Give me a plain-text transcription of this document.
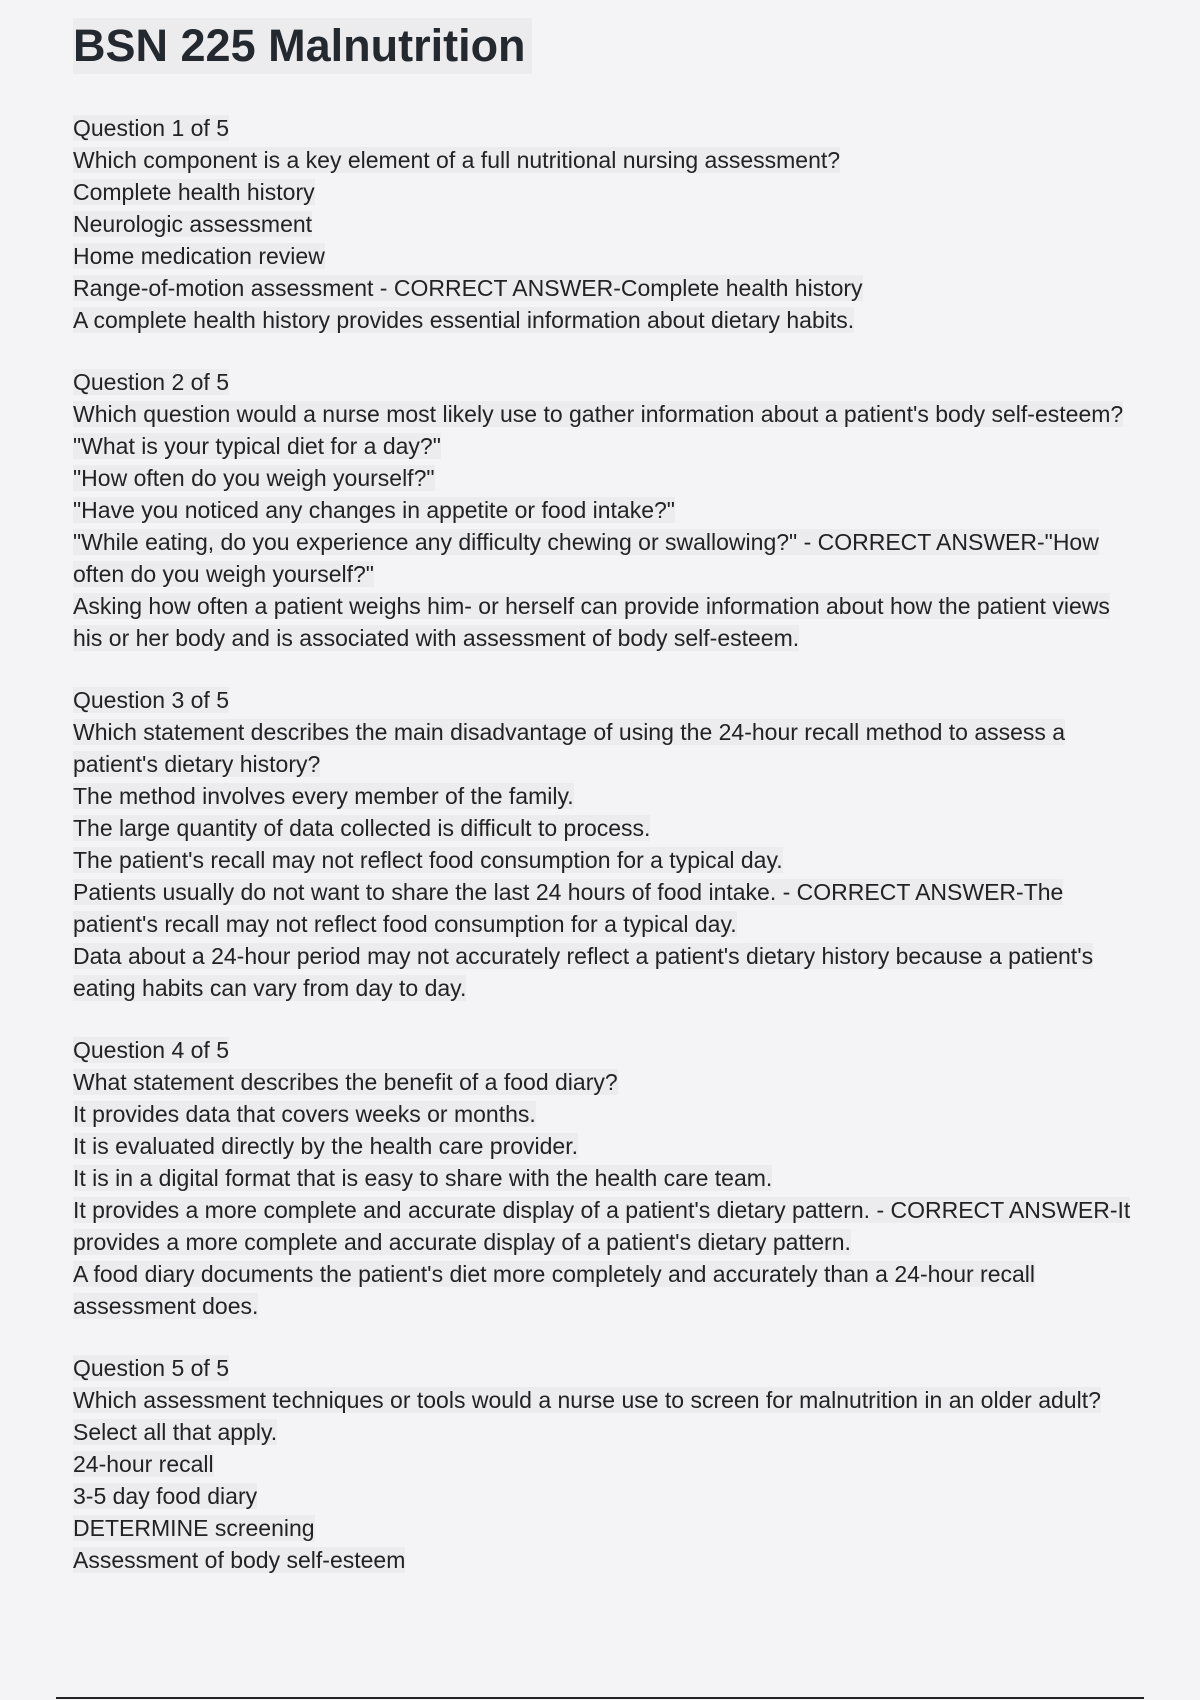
BSN 225 Malnutrition

Question 1 of 5

Which component is a key element of a full nutritional nursing assessment?

Complete health history

Neurologic assessment

Home medication review

Range-of-motion assessment - CORRECT ANSWER-Complete health history

A complete health history provides essential information about dietary habits.

Question 2 of 5

Which question would a nurse most likely use to gather information about a patient's body self-esteem?

"What is your typical diet for a day?"

"How often do you weigh yourself?"

"Have you noticed any changes in appetite or food intake?"

"While eating, do you experience any difficulty chewing or swallowing?" - CORRECT ANSWER-"How often do you weigh yourself?"

Asking how often a patient weighs him- or herself can provide information about how the patient views his or her body and is associated with assessment of body self-esteem.

Question 3 of 5

Which statement describes the main disadvantage of using the 24-hour recall method to assess a patient's dietary history?

The method involves every member of the family.

The large quantity of data collected is difficult to process.

The patient's recall may not reflect food consumption for a typical day.

Patients usually do not want to share the last 24 hours of food intake. - CORRECT ANSWER-The patient's recall may not reflect food consumption for a typical day.

Data about a 24-hour period may not accurately reflect a patient's dietary history because a patient's eating habits can vary from day to day.

Question 4 of 5

What statement describes the benefit of a food diary?

It provides data that covers weeks or months.

It is evaluated directly by the health care provider.

It is in a digital format that is easy to share with the health care team.

It provides a more complete and accurate display of a patient's dietary pattern. - CORRECT ANSWER-It provides a more complete and accurate display of a patient's dietary pattern.

A food diary documents the patient's diet more completely and accurately than a 24-hour recall assessment does.

Question 5 of 5

Which assessment techniques or tools would a nurse use to screen for malnutrition in an older adult?

Select all that apply.

24-hour recall

3-5 day food diary

DETERMINE screening

Assessment of body self-esteem
